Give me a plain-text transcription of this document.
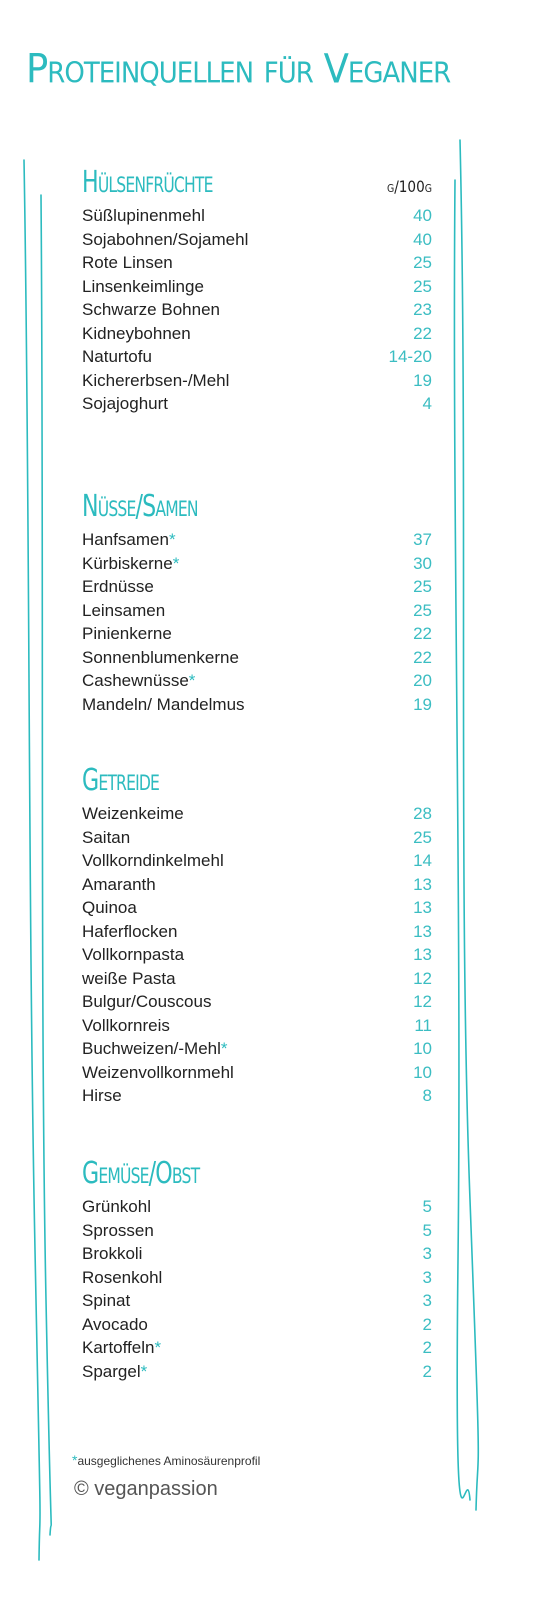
Proteinquellen für Veganer
Hülsenfrüchte	g/100g
Süßlupinenmehl	40
Sojabohnen/Sojamehl	40
Rote Linsen	25
Linsenkeimlinge	25
Schwarze Bohnen	23
Kidneybohnen	22
Naturtofu	14-20
Kichererbsen-/Mehl	19
Sojajoghurt	4
Nüsse/Samen
Hanfsamen*	37
Kürbiskerne*	30
Erdnüsse	25
Leinsamen	25
Pinienkerne	22
Sonnenblumenkerne	22
Cashewnüsse*	20
Mandeln/ Mandelmus	19
Getreide
Weizenkeime	28
Saitan	25
Vollkorndinkelmehl	14
Amaranth	13
Quinoa	13
Haferflocken	13
Vollkornpasta	13
weiße Pasta	12
Bulgur/Couscous	12
Vollkornreis	11
Buchweizen/-Mehl*	10
Weizenvollkornmehl	10
Hirse	8
Gemüse/Obst
Grünkohl	5
Sprossen	5
Brokkoli	3
Rosenkohl	3
Spinat	3
Avocado	2
Kartoffeln*	2
Spargel*	2
*ausgeglichenes Aminosäurenprofil
© veganpassion
